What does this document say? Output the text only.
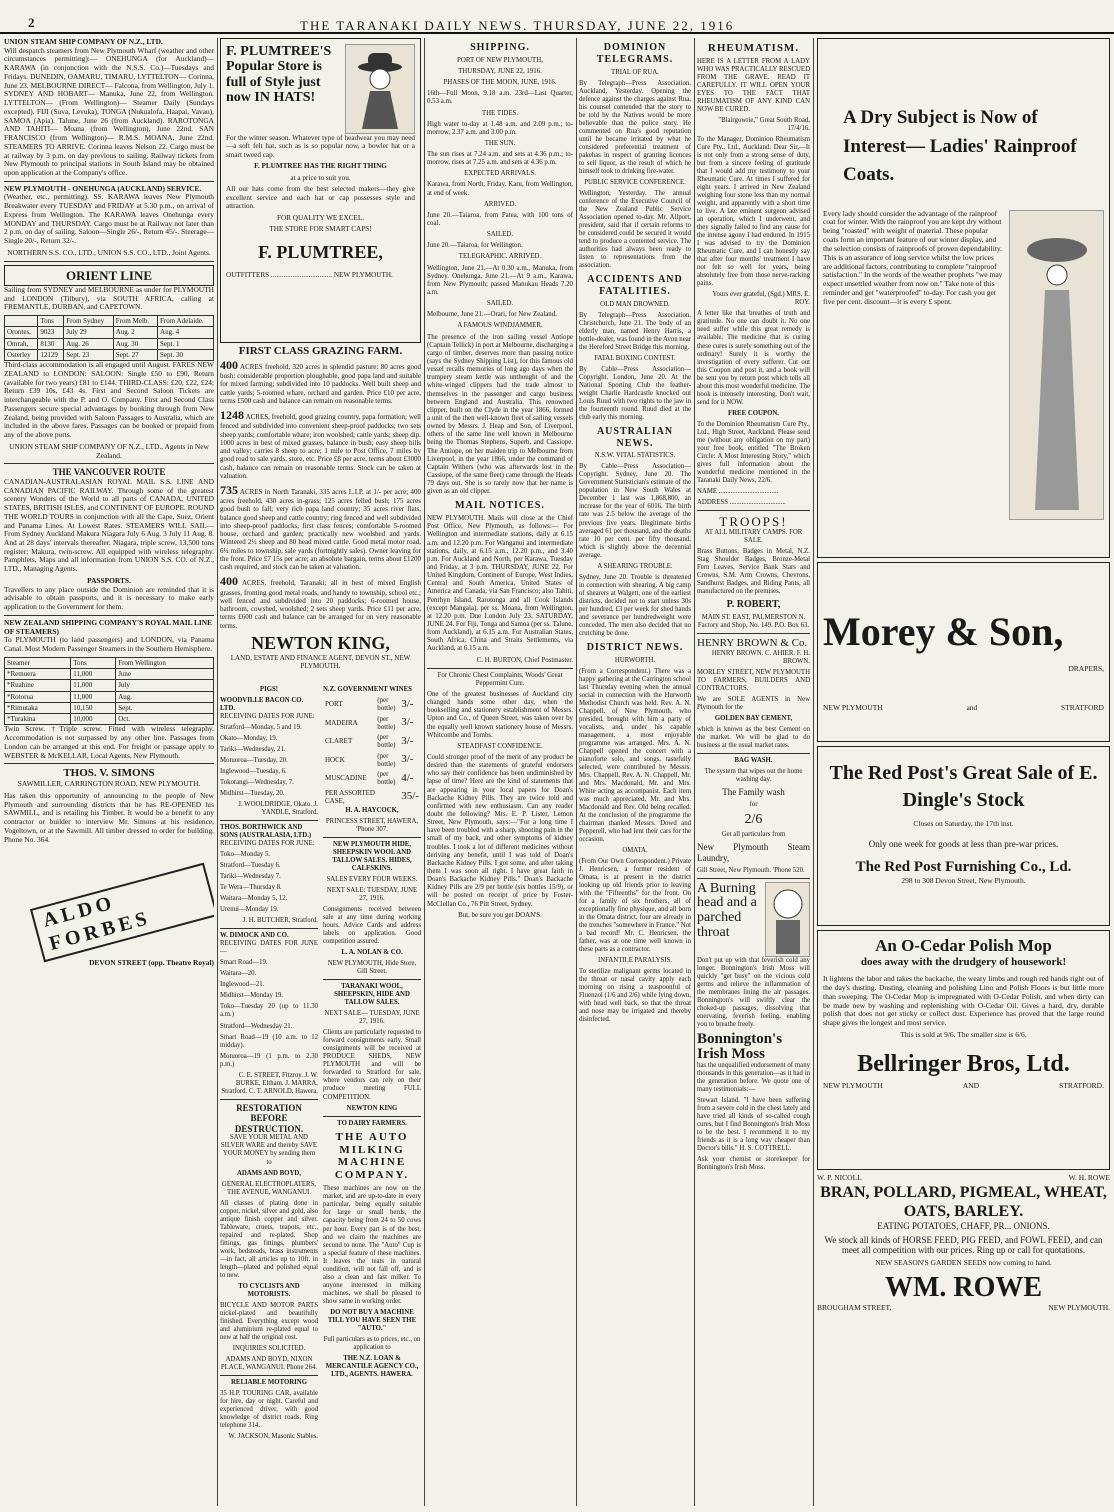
2	THE TARANAKI DAILY NEWS. THURSDAY, JUNE 22, 1916
UNION STEAM SHIP COMPANY OF N.Z., LTD.

Will despatch steamers from New Plymouth Wharf (weather and other circumstances permitting):— ONEHUNGA (for Auckland)— KARAWA (in conjunction with the N.S.S. Co.)—Tuesdays and Fridays. DUNEDIN, OAMARU, TIMARU, LYTTELTON— Corinna, June 23. MELBOURNE DIRECT— Falcona, from Wellington, July 1. SYDNEY AND HOBART— Manuka, June 22, from Wellington. LYTTELTON— (From Wellington)— Steamer Daily (Sundays excepted). FIJI (Suva, Levuka), TONGA (Nukualofa, Haapai, Vavau), SAMOA (Apia). Talune, June 26 (from Auckland). RAROTONGA AND TAHITI— Moana (from Wellington), June 22nd. SAN FRANCISCO (from Wellington)— R.M.S. MOANA, June 22nd. STEAMERS TO ARRIVE. Corinna leaves Nelson 22. Cargo must be at railway by 3 p.m. on day previous to sailing. Railway tickets from New Plymouth to principal stations in South Island may be obtained upon application at the Company's office.

NEW PLYMOUTH - ONEHUNGA (AUCKLAND) SERVICE.

(Weather, etc., permitting). SS. KARAWA leaves New Plymouth Breakwater every TUESDAY and FRIDAY at 5.30 p.m., on arrival of Express from Wellington. The KARAWA leaves Onehunga every MONDAY and THURSDAY. Cargo must be at Railway not later than 2 p.m. on day of sailing. Saloon—Single 26/-, Return 45/-. Steerage—Single 20/-, Return 32/-.

NORTHERN S.S. CO., LTD., UNION S.S. CO., LTD., Joint Agents.

ORIENT LINE

Sailing from SYDNEY and MELBOURNE as under for PLYMOUTH and LONDON (Tilbury), via SOUTH AFRICA, calling at FREMANTLE, DURBAN, and CAPETOWN.

	Tons	From Sydney	From Melb.	From Adelaide.
Orontes,	9023	July 29	Aug. 2	Aug. 4
Omrah,	8130	Aug. 26	Aug. 30	Sept. 1
Osterley	12129	Sept. 23	Sept. 27	Sept. 30

Third-class accommodation is all engaged until August. FARES NEW ZEALAND to LONDON: SALOON: Single £50 to £90, Return (available for two years) £81 to £144. THIRD-CLASS: £20, £22, £24; Return £39 10s, £43 4s. First and Second Saloon Tickets are interchangeable with the P. and O. Company. First and Second Class Passengers secure special advantages by booking through from New Zealand, being provided with Saloon Passages to Australia, which are included in the above fares. Passages can be booked or prepaid from any of the above ports.

UNION STEAM SHIP COMPANY OF N.Z., LTD., Agents in New Zealand.

THE VANCOUVER ROUTE

CANADIAN-AUSTRALASIAN ROYAL MAIL S.S. LINE AND CANADIAN PACIFIC RAILWAY. Through some of the greatest scenery Wonders of the World to all parts of CANADA, UNITED STATES, BRITISH ISLES, and CONTINENT OF EUROPE. ROUND THE WORLD TOURS in conjunction with all the Cape, Suez, Orient and Panama Lines. At Lowest Rates. STEAMERS WILL SAIL— From Sydney Auckland Makura Niagara July 6 Aug. 3 July 11 Aug. 8. And at 28 days' intervals thereafter. Niagara, triple screw, 13,500 tons register; Makura, twin-screw. All equipped with wireless telegraphy. Pamphlets, Maps and all information from UNION S.S. CO. of N.Z., LTD., Managing Agents.

PASSPORTS.

Travellers to any place outside the Dominion are reminded that it is advisable to obtain passports, and it is necessary to make early application to the Government for them.

NEW ZEALAND SHIPPING COMPANY'S ROYAL MAIL LINE OF STEAMERS)

To PLYMOUTH (to land passengers) and LONDON, via Panama Canal. Most Modern Passenger Steamers in the Southern Hemisphere.

Steamer	Tons	From Wellington
*Remuera	11,000	June
*Ruahine	11,000	July
*Rotorua	11,000	Aug.
*Rimutaka	10,150	Sept.
*Turakina	10,000	Oct.

Twin Screw. †Triple screw. Fitted with wireless telegraphy. Accommodation is not surpassed by any other line. Passages from London can be arranged at this end. For freight or passage apply to WEBSTER & McKELLAR, Local Agents, New Plymouth.

THOS. V. SIMONS

SAWMILLER, CARRINGTON ROAD, NEW PLYMOUTH.

Has taken this opportunity of announcing to the people of New Plymouth and surrounding districts that he has RE-OPENED his SAWMILL, and is retailing his Timber. It would be a benefit to any contractor or builder to interview Mr. Simons at his residence, Vogeltown, or at the Sawmill. All timber dressed to order for building. Phone No. 364.

ALDO FORBES

DEVON STREET (opp. Theatre Royal)

F. PLUMTREE'S Popular Store is full of Style just now IN HATS!

For the winter season. Whatever type of headwear you may need—a soft felt hat, such as is so popular now, a bowler hat or a smart tweed cap.

F. PLUMTREE HAS THE RIGHT THING

at a price to suit you.

All our hats come from the best selected makers—they give excellent service and each hat or cap possesses style and attraction.

FOR QUALITY WE EXCEL.

THE STORE FOR SMART CAPS!

F. PLUMTREE,

OUTFITTERS .................................. NEW PLYMOUTH.

FIRST CLASS GRAZING FARM.

400 ACRES freehold, 320 acres in splendid pasture: 80 acres good bush; considerable proportion ploughable, good papa land and suitable for mixed farming; subdivided into 10 paddocks. Well built sheep and cattle yards; 5-roomed whare, orchard and garden. Price £10 per acre, terms £500 cash and balance can remain on reasonable terms.

1248 ACRES, freehold, good grazing country, papa formation; well fenced and subdivided into convenient sheep-proof paddocks; two sets sheep yards; comfortable whare; iron woolshed; cattle yards; sheep dip. 1000 acres in best of mixed grasses, balance in bush; easy sheep hills and valley; carries 8 sheep to acre; 1 mile to Post Office, 7 miles by good road to sale yards, store, etc. Price £8 per acre, terms about £3000 cash, balance can remain on reasonable terms. Stock can be taken at valuation.

735 ACRES in North Taranaki, 335 acres L.I.P. at 1/- per acre; 400 acres freehold, 430 acres in-grass; 125 acres felled bush; 175 acres good bush to fall; very rich papa land country; 35 acres river flats, balance good sheep and cattle country; ring fenced and well subdivided into sheep-proof paddocks, first class fences; comfortable 5-roomed house, orchard and garden; practically new woolshed and yards. Wintered 2½ sheep and 80 head mixed cattle. Good metal motor road, 6¼ miles to township, sale yards (fortnightly sales). Owner leaving for the front. Price £7 15s per acre; an absolute bargain, terms about £1200 cash required, and stock can be taken at valuation.

400 ACRES, freehold, Taranaki; all in best of mixed English grasses, fronting good metal roads, and handy to township, school etc.; well fenced and subdivided into 20 paddocks; 6-roomed house, bathroom, cowshed, woolshed; 2 sets sheep yards. Price £11 per acre, terms £600 cash and balance can be arranged for on very reasonable terms.

NEWTON KING,

LAND, ESTATE AND FINANCE AGENT, DEVON ST., NEW PLYMOUTH.

PIGS!

WOODVILLE BACON CO. LTD.

RECEIVING DATES FOR JUNE:

Stratford—Monday, 5 and 19.

Okato—Monday, 19.

Tariki—Wednesday, 21.

Motuoroa—Tuesday, 20.

Inglewood—Tuesday, 6.

Tokorangi—Wednesday, 7.

Midhirst—Tuesday, 20.

J. WOOLDRIDGE, Okato. J. YANDLE, Stratford.

THOS. BORTHWICK AND SONS (AUSTRALASIA, LTD.)

RECEIVING DATES FOR JUNE:

Toko—Monday 5.

Stratford—Tuesday 6.

Tariki—Wednesday 7.

Te Wera—Thursday 8.

Waitara—Monday 5, 12.

Urenui—Monday 19.

J. H. BUTCHER, Stratford.

W. DIMOCK AND CO.

RECEIVING DATES FOR JUNE—

Smart Road—19.

Waitara—20.

Inglewood—21.

Midhirst—Monday 19.

Toko—Tuesday 20 (up to 11.30 a.m.)

Stratford—Wednesday 21.

Smart Road—19 (10 a.m. to 12 midday).

Motuoroa—19 (1 p.m. to 2.30 p.m.)

C. E. STREET, Fitzroy. J. W. BURKE, Eltham. J. MARRA, Stratford. C. T. ARNOLD, Hawera.

RESTORATION BEFORE DESTRUCTION.

SAVE YOUR METAL AND SILVER WARE and thereby SAVE YOUR MONEY by sending them to

ADAMS AND BOYD,

GENERAL ELECTROPLATERS, THE AVENUE, WANGANUI.

All classes of plating done in copper, nickel, silver and gold, also antique finish copper and silver. Tableware, cruets, teapots, etc., repaired and re-plated. Shop fittings, gas fittings, plumbers' work, bedsteads, brass instruments—in fact, all articles up to 10ft. in length—plated and polished equal to new.

TO CYCLISTS AND MOTORISTS.

BICYCLE AND MOTOR PARTS nickel-plated and beautifully finished. Everything except wood and aluminium re-plated equal to new at half the original cost.

INQUIRIES SOLICITED.

ADAMS AND BOYD, NIXON PLACE, WANGANUI. Phone 264.

RELIABLE MOTORING

35 H.P. TOURING CAR, available for hire, day or night. Careful and experienced driver, with good knowledge of district roads. Ring telephone 314.

W. JACKSON, Masonic Stables.

N.Z. GOVERNMENT WINES
PORT	(per bottle)	3/-
MADEIRA	(per bottle)	3/-
CLARET	(per bottle)	3/-
HOCK	(per bottle)	3/-
MUSCADINE	(per bottle)	4/-
PER ASSORTED CASE,		35/-

H. A. HAYCOCK,

PRINCESS STREET, HAWERA, 'Phone 307.

NEW PLYMOUTH HIDE, SHEEPSKIN WOOL AND TALLOW SALES. HIDES, CALFSKINS.

SALES EVERY FOUR WEEKS.

NEXT SALE: TUESDAY, JUNE 27, 1916.

Consignments received between sale at any time during working hours. Advice Cards and address labels on application. Good competition assured.

L. A. NOLAN & CO.

NEW PLYMOUTH, Hide Store, Gill Street.

TARANAKI WOOL, SHEEPSKIN, HIDE AND TALLOW SALES.

NEXT SALE— TUESDAY, JUNE 27, 1916.

Clients are particularly requested to forward consignments early. Small consignments will be received at PRODUCE SHEDS, NEW PLYMOUTH and will be forwarded to Stratford for sale, where vendors can rely on their produce meeting FULL COMPETITION.

NEWTON KING

TO DAIRY FARMERS.

THE AUTO MILKING MACHINE COMPANY.

These machines are now on the market, and are up-to-date in every particular, being equally suitable for large or small herds, the capacity being from 24 to 50 cows per hour. Every part is of the best, and we claim the machines are second to none. The "Auto" Cup is a special feature of these machines. It leaves the teats in natural condition, will not fall off, and is also a clean and fast milker. To anyone interested in milking machines, we shall be pleased to show same in working order.

DO NOT BUY A MACHINE TILL YOU HAVE SEEN THE "AUTO."

Full particulars as to prices, etc., on application to

THE N.Z. LOAN & MERCANTILE AGENCY CO., LTD., AGENTS. HAWERA.

SHIPPING.

PORT OF NEW PLYMOUTH,

THURSDAY, JUNE 22, 1916.

PHASES OF THE MOON, JUNE, 1916.

16th—Full Moon, 9.18 a.m. 23rd—Last Quarter, 0.53 a.m.

THE TIDES.

High water to-day at 1.48 a.m. and 2.09 p.m.; to-morrow, 2.37 a.m. and 3.00 p.m.

THE SUN.

The sun rises at 7.24 a.m. and sets at 4.36 p.m.; to-morrow, rises at 7.25 a.m. and sets at 4.36 p.m.

EXPECTED ARRIVALS.

Karawa, from North, Friday. Karu, from Wellington, at end of week.

ARRIVED.

June 20.—Taiaroa, from Patea, with 100 tons of coal.

SAILED.

June 20.—Taiaroa, for Wellington.

TELEGRAPHIC. ARRIVED.

Wellington, June 21.—At 0.30 a.m., Manuka, from Sydney. Onehunga, June 21.—At 9 a.m., Karawa, from New Plymouth; passed Manukau Heads 7.20 a.m.

SAILED.

Melbourne, June 21.—Orari, for New Zealand.

A FAMOUS WINDJAMMER.

The presence of the iron sailing vessel Antiope (Captain Tellick) in port at Melbourne, discharging a cargo of timber, deserves more than passing notice (says the Sydney Shipping List), for this famous old vessel recalls memories of long ago days when the trumpery steam kettle was unthought of and the white-winged clippers had the trade almost to themselves in the passenger and cargo business between England and Australia. This renowned clipper, built on the Clyde in the year 1866, formed a unit of the then well-known fleet of sailing vessels owned by Messrs. J. Heap and Son, of Liverpool, others of the same line well known in Melbourne being the Thomas Stephens, Superb, and Cassiope. The Antiope, on her maiden trip to Melbourne from Liverpool, in the year 1866, under the command of Captain Withers (who was afterwards lost in the Cassiope, of the same fleet) came through the Heads 79 days out. She is so rarely now that her name is given as an old clipper.

MAIL NOTICES.

NEW PLYMOUTH. Mails will close at the Chief Post Office, New Plymouth, as follows:— For Wellington and intermediate stations, daily at 6.15 a.m. and 12.20 p.m. For Wanganui and intermediate stations, daily, at 6.15 a.m., 12.20 p.m., and 3.40 p.m. For Auckland and North, per Karawa, Tuesday and Friday, at 3 p.m. THURSDAY, JUNE 22. For United Kingdom, Continent of Europe, West Indies, Central and South America, United States of America and Canada, via San Francisco; also Tahiti, Penrhyn Island, Rarotonga and all Cook Islands (except Mangaia), per ss. Moana, from Wellington, at 12.20 p.m. Due London July 23. SATURDAY, JUNE 24. For Fiji, Tonga and Samoa (per ss. Talune, from Auckland), at 6.15 a.m. For Australian States, South Africa, China and Straits Settlements, via Auckland, at 6.15 a.m.

C. H. BURTON, Chief Postmaster.

For Chronic Chest Complaints, Woods' Great Peppermint Cure.

One of the greatest businesses of Auckland city changed hands some other day, when the bookselling and stationery establishment of Messrs. Upton and Co., of Queen Street, was taken over by the equally well known stationery house of Messrs. Whitcombe and Tombs.

STEADFAST CONFIDENCE.

Could stronger proof of the merit of any product be desired than the statements of grateful endorsers who say their confidence has been undiminished by lapse of time? Here are the kind of statements that are appearing in your local papers for Doan's Backache Kidney Pills. They are twice told and confirmed with new enthusiasm. Can any reader doubt the following? Mrs. E. P. Lister, Lemon Street, New Plymouth, says:—"For a long time I have been troubled with a sharp, shooting pain in the small of my back, and other symptoms of kidney troubles. I took a lot of different medicines without deriving any benefit, until I was told of Doan's Backache Kidney Pills. I got some, and after taking them I was soon all right. I have great faith in Doan's Backache Kidney Pills." Doan's Backache Kidney Pills are 2/9 per bottle (six bottles 15/9), or will be posted on receipt of price by Foster-McClellan Co., 76 Pitt Street, Sydney.

But, be sure you get DOAN'S.

DOMINION TELEGRAMS.

TRIAL OF RUA.

By Telegraph—Press Association. Auckland, Yesterday. Opening the defence against the charges against Rua, his counsel contended that the story to be told by the Natives would be more believable than the police story. He commented on Rua's good reputation until he became irritated by what he considered preferential treatment of pakehas in respect of granting licences to sell liquor, as the result of which he himself took to drinking fire-water.

PUBLIC SERVICE CONFERENCE.

Wellington, Yesterday. The annual conference of the Executive Council of the New Zealand Public Service Association opened to-day. Mr. Allport, president, said that if certain reforms to be considered could be secured it would tend to produce a contented service. The authorities had always been ready to listen to representations from the association.

ACCIDENTS AND FATALITIES.

OLD MAN DROWNED.

By Telegraph—Press Association. Christchurch, June 21. The body of an elderly man, named Henry Harris, a bottle-dealer, was found in the Avon near the Hereford Street Bridge this morning.

FATAL BOXING CONTEST.

By Cable—Press Association—Copyright. London, June 20. At the National Sporting Club the feather-weight Charlie Hardcastle knocked out Louis Ruud with two rights to the jaw in the fourteenth round. Ruud died at the club early this morning.

AUSTRALIAN NEWS.

N.S.W. VITAL STATISTICS.

By Cable—Press Association—Copyright. Sydney, June 20. The Government Statistician's estimate of the population in New South Wales at December 1 last was 1,868,800, an increase for the year of 6016. The birth rate was 2.5 below the average of the previous five years. Illegitimate births averaged 61 per thousand, and the deaths rate 10 per cent. per fifty thousand, which is slightly above the decennial average.

A SHEARING TROUBLE.

Sydney, June 20. Trouble is threatened in connection with shearing. A big camp of shearers at Walgett, one of the earliest districts, decided not to start unless 30s per hundred, £3 per week for shed hands and severance per hundredweight were conceded. The men also decided that no crutching be done.

DISTRICT NEWS.

HURWORTH.

(From a Correspondent.) There was a happy gathering at the Carrington school last Thursday evening when the annual social in connection with the Hurworth Methodist Church was held. Rev. A. N. Chappell, of New Plymouth, who presided, brought with him a party of vocalists, and, under his capable management, a most enjoyable programme was arranged. Mrs. A. N. Chappell opened the concert with a pianoforte solo, and songs, tastefully selected, were contributed by Messrs. Mrs. Chappell, Rev. A. N. Chappell, Mr. and Mrs. Macdonald, Mr. and Mrs. White acting as accompanist. Each item was much appreciated, Mr. and Mrs. Macdonald and Rev. Old being recalled. At the conclusion of the programme the chairman thanked Messrs. Dowd and Pepperell, who had lent their cars for the occasion.

OMATA.

(From Our Own Correspondent.) Private J. Henricsen, a former resident of Omata, is at present in the district looking up old friends prior to leaving with the "Fifteenths" for the front. On for a family of six brothers, all of exceptionally fine physique, and all born in the Omata district, four are already in the trenches "somewhere in France." Not a bad record! Mr. C. Henricsen, the father, was at one time well known in these parts as a contractor.

INFANTILE PARALYSIS.

To sterilize malignant germs located in the throat or nasal cavity apply each morning on rising a teaspoonful of Fluenzol (1/6 and 2/6) while lying down, with head well back, so that the throat and nose may be irrigated and thereby disinfected.

RHEUMATISM.

HERE IS A LETTER FROM A LADY WHO WAS PRACTICALLY RESCUED FROM THE GRAVE. READ IT CAREFULLY. IT WILL OPEN YOUR EYES TO THE FACT THAT RHEUMATISM OF ANY KIND CAN NOW BE CURED.

"Blairgowrie," Great South Road, 17/4/16.

To the Manager, Dominion Rheumatism Cure Pty., Ltd., Auckland. Dear Sir,—It is not only from a strong sense of duty, but from a sincere feeling of gratitude that I would add my testimony to your Rheumatic Cure. At times I suffered for eight years. I arrived in New Zealand weighing four stone less than my normal weight, and apparently with a short time to live. A late eminent surgeon advised an operation, which I underwent, and they signally failed to find any cause for the intense agony I had endured. In 1915 I was advised to try the Dominion Rheumatic Cure, and I can honestly say that after four months' treatment I have not felt so well for years, being absolutely free from those nerve-racking pains.

Yours ever grateful, (Sgd.) MRS. E. ROY.

A letter like that breathes of truth and gratitude. No one can doubt it. No one need suffer while this great remedy is available. The medicine that is curing these cures is surely something out of the ordinary! Surely it is worthy the investigation of every sufferer. Cut out this Coupon and post it, and a book will be sent you by return post which tells all about this most wonderful medicine. The book is intensely interesting. Don't wait, send for it NOW.

FREE COUPON.

To the Dominion Rheumatism Cure Pty., Ltd., High Street, Auckland. Please send me (without any obligation on my part) your free book, entitled "The Broken Circle: A Most Interesting Story," which gives full information about the wonderful medicine mentioned in the Taranaki Daily News, 22/6.

NAME ...................................

ADDRESS .................................

TROOPS!

AT ALL MILITARY CAMPS. FOR SALE.

Brass Buttons, Badges in Metal, N.Z. Stag Shoulder Badges, Bronze-Metal Fern Leaves, Service Bank Stars and Crowns, S.M. Arm Crowns, Chevrons, Sandhurst Badges, and Riding Pants, all manufactured on the premises.

P. ROBERT,

MAIN ST. EAST, PALMERSTON N. Factory and Shop, No. 149. P.O. Box 63.

HENRY BROWN & Co.

HENRY BROWN. C. AHIER. F. H. BROWN.

MORLEY STREET, NEW PLYMOUTH TO FARMERS, BUILDERS AND CONTRACTORS.

We are SOLE AGENTS in New Plymouth for the

GOLDEN BAY CEMENT,

which is known as the best Cement on the market. We will be glad to do business at the usual market rates.

BAG WASH.

The system that wipes out the home washing day.

The Family wash

for

2/6

Get all particulars from

New Plymouth Steam Laundry,

Gill Street, New Plymouth. 'Phone 520.

A Burning head and a parched throat

Don't put up with that feverish cold any longer. Bonnington's Irish Moss will quickly "get busy" on the vicious cold germs and relieve the inflammation of the membranes lining the air passages. Bonnington's will swiftly clear the choked-up passages, dissolving that enervating, feverish feeling, enabling you to breathe freely.

Bonnington's Irish Moss

has the unqualified endorsement of many thousands in this generation—as it had in the generation before. We quote one of many testimonials:—

Stewart Island. "I have been suffering from a severe cold in the chest lately and have tried all kinds of so-called cough cures, but I find Bonnington's Irish Moss to be the best. I recommend it to my friends as it is a long way cheaper than Doctor's bills." H. S. COTTRELL.

Ask your chemist or storekeeper for Bonnington's Irish Moss.

A Dry Subject is Now of Interest— Ladies' Rainproof Coats.
Every lady should consider the advantage of the rainproof coat for winter. With the rainproof you are kept dry without being "roasted" with weight of material. These popular coats form an important feature of our winter display, and the selection consists of rainproofs of proven dependability. This is an assurance of long service whilst the low prices are additional factors, contributing to complete "rainproof satisfaction." In the words of the weather prophets "we may expect unsettled weather from now on." Take note of this reminder and get "waterproofed" to-day. For cash you get five per cent. discount—it is every £ spent.
Morey & Son,
DRAPERS,
NEW PLYMOUTH	and	STRATFORD
The Red Post's Great Sale of E. Dingle's Stock

Closes on Saturday, the 17th inst.

Only one week for goods at less than pre-war prices.

The Red Post Furnishing Co., Ld.

298 to 308 Devon Street, New Plymouth.

An O-Cedar Polish Mop
does away with the drudgery of housework!

It lightens the labor and takes the backache, the weary limbs and rough red hands right out of the day's dusting. Dusting, cleaning and polishing Lino and Polish Floors is but little more than sweeping. The O-Cedar Mop is impregnated with O-Cedar Polish, and when dirty can be made new by washing and replenishing with O-Cedar Oil. Gives a hard, dry, durable polish that does not get sticky or collect dust. Experience has proved that the large round shape gives the longest and most service.

This is sold at 9/6. The smaller size is 6/6.

Bellringer Bros, Ltd.
NEW PLYMOUTH	AND	STRATFORD.
W. P. NICOLL	W. H. ROWE
BRAN, POLLARD, PIGMEAL, WHEAT, OATS, BARLEY.

EATING POTATOES, CHAFF, PR... ONIONS.

We stock all kinds of HORSE FEED, PIG FEED, and FOWL FEED, and can meet all competition with our prices. Ring up or call for quotations.

NEW SEASON'S GARDEN SEEDS now coming to hand.

WM. ROWE
BROUGHAM STREET,	NEW PLYMOUTH.
